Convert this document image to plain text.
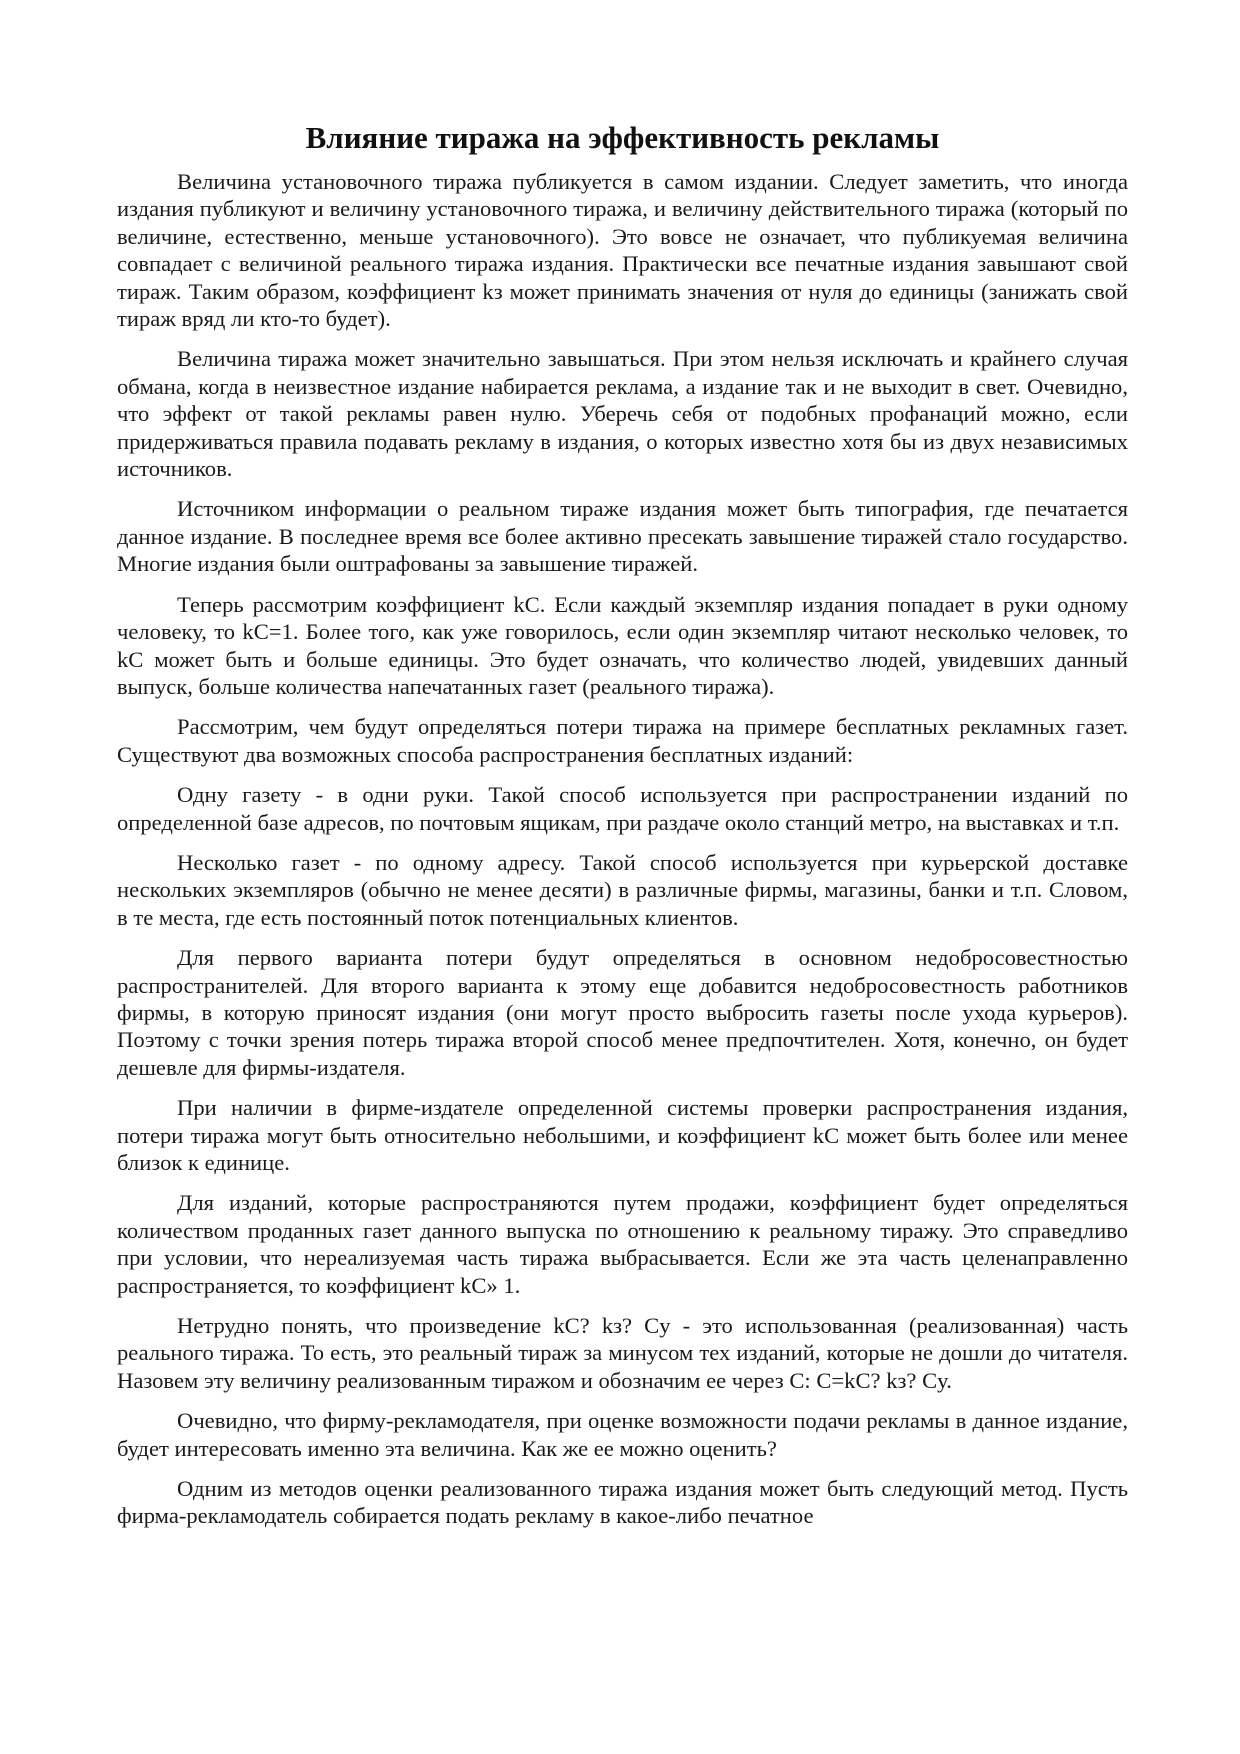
Влияние тиража на эффективность рекламы

Величина установочного тиража публикуется в самом издании. Следует заметить, что иногда издания публикуют и величину установочного тиража, и величину действительного тиража (который по величине, естественно, меньше установочного). Это вовсе не означает, что публикуемая величина совпадает с величиной реального тиража издания. Практически все печатные издания завышают свой тираж. Таким образом, коэффициент kз может принимать значения от нуля до единицы (занижать свой тираж вряд ли кто-то будет).

Величина тиража может значительно завышаться. При этом нельзя исключать и крайнего случая обмана, когда в неизвестное издание набирается реклама, а издание так и не выходит в свет. Очевидно, что эффект от такой рекламы равен нулю. Уберечь себя от подобных профанаций можно, если придерживаться правила подавать рекламу в издания, о которых известно хотя бы из двух независимых источников.

Источником информации о реальном тираже издания может быть типография, где печатается данное издание. В последнее время все более активно пресекать завышение тиражей стало государство. Многие издания были оштрафованы за завышение тиражей.

Теперь рассмотрим коэффициент kC. Если каждый экземпляр издания попадает в руки одному человеку, то kC=1. Более того, как уже говорилось, если один экземпляр читают несколько человек, то kC может быть и больше единицы. Это будет означать, что количество людей, увидевших данный выпуск, больше количества напечатанных газет (реального тиража).

Рассмотрим, чем будут определяться потери тиража на примере бесплатных рекламных газет. Существуют два возможных способа распространения бесплатных изданий:

Одну газету - в одни руки. Такой способ используется при распространении изданий по определенной базе адресов, по почтовым ящикам, при раздаче около станций метро, на выставках и т.п.

Несколько газет - по одному адресу. Такой способ используется при курьерской доставке нескольких экземпляров (обычно не менее десяти) в различные фирмы, магазины, банки и т.п. Словом, в те места, где есть постоянный поток потенциальных клиентов.

Для первого варианта потери будут определяться в основном недобросовестностью распространителей. Для второго варианта к этому еще добавится недобросовестность работников фирмы, в которую приносят издания (они могут просто выбросить газеты после ухода курьеров). Поэтому с точки зрения потерь тиража второй способ менее предпочтителен. Хотя, конечно, он будет дешевле для фирмы-издателя.

При наличии в фирме-издателе определенной системы проверки распространения издания, потери тиража могут быть относительно небольшими, и коэффициент kC может быть более или менее близок к единице.

Для изданий, которые распространяются путем продажи, коэффициент будет определяться количеством проданных газет данного выпуска по отношению к реальному тиражу. Это справедливо при условии, что нереализуемая часть тиража выбрасывается. Если же эта часть целенаправленно распространяется, то коэффициент kC» 1.

Нетрудно понять, что произведение kC? kз? Cу - это использованная (реализованная) часть реального тиража. То есть, это реальный тираж за минусом тех изданий, которые не дошли до читателя. Назовем эту величину реализованным тиражом и обозначим ее через C: C=kC? kз? Cу.

Очевидно, что фирму-рекламодателя, при оценке возможности подачи рекламы в данное издание, будет интересовать именно эта величина. Как же ее можно оценить?

Одним из методов оценки реализованного тиража издания может быть следующий метод. Пусть фирма-рекламодатель собирается подать рекламу в какое-либо печатное
